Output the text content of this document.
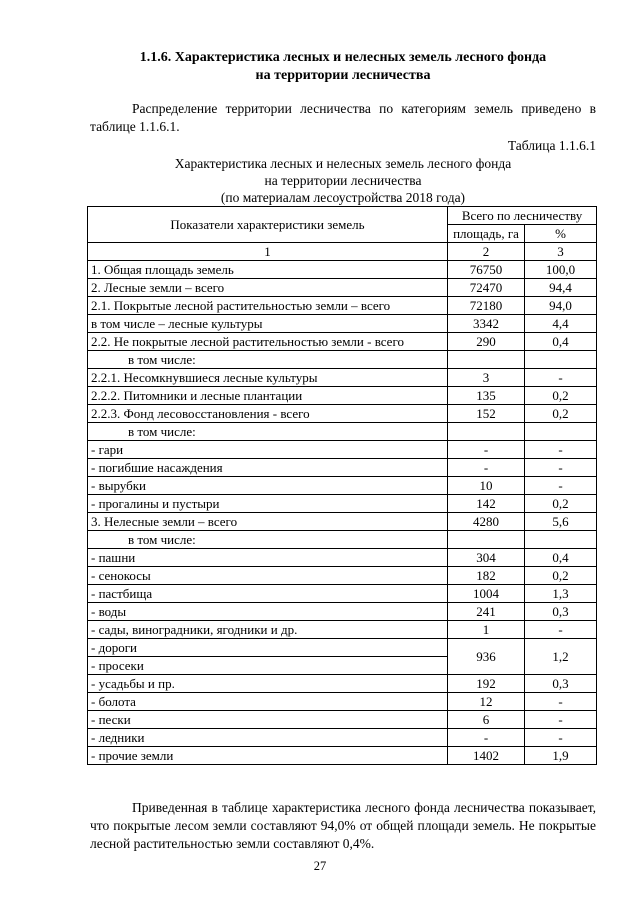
1.1.6. Характеристика лесных и нелесных земель лесного фонда
на территории лесничества
Распределение территории лесничества по категориям земель приведено в таблице 1.1.6.1.
Таблица 1.1.6.1
Характеристика лесных и нелесных земель лесного фонда
на территории лесничества
(по материалам лесоустройства 2018 года)
Показатели характеристики земель	Всего по лесничеству	
	площадь, га	%
1	2	3
1. Общая площадь земель	76750	100,0
2. Лесные земли – всего	72470	94,4
2.1. Покрытые лесной растительностью земли – всего	72180	94,0
в том числе – лесные культуры	3342	4,4
2.2. Не покрытые лесной растительностью земли - всего	290	0,4
в том числе:		
2.2.1. Несомкнувшиеся лесные культуры	3	-
2.2.2. Питомники и лесные плантации	135	0,2
2.2.3. Фонд лесовосстановления - всего	152	0,2
в том числе:		
- гари	-	-
- погибшие насаждения	-	-
- вырубки	10	-
- прогалины и пустыри	142	0,2
3. Нелесные земли – всего	4280	5,6
в том числе:		
- пашни	304	0,4
- сенокосы	182	0,2
- пастбища	1004	1,3
- воды	241	0,3
- сады, виноградники, ягодники и др.	1	-
- дороги	936	1,2
- просеки		
- усадьбы и пр.	192	0,3
- болота	12	-
- пески	6	-
- ледники	-	-
- прочие земли	1402	1,9
Приведенная в таблице характеристика лесного фонда лесничества показывает, что покрытые лесом земли составляют 94,0% от общей площади земель. Не покрытые лесной растительностью земли составляют 0,4%.
27
